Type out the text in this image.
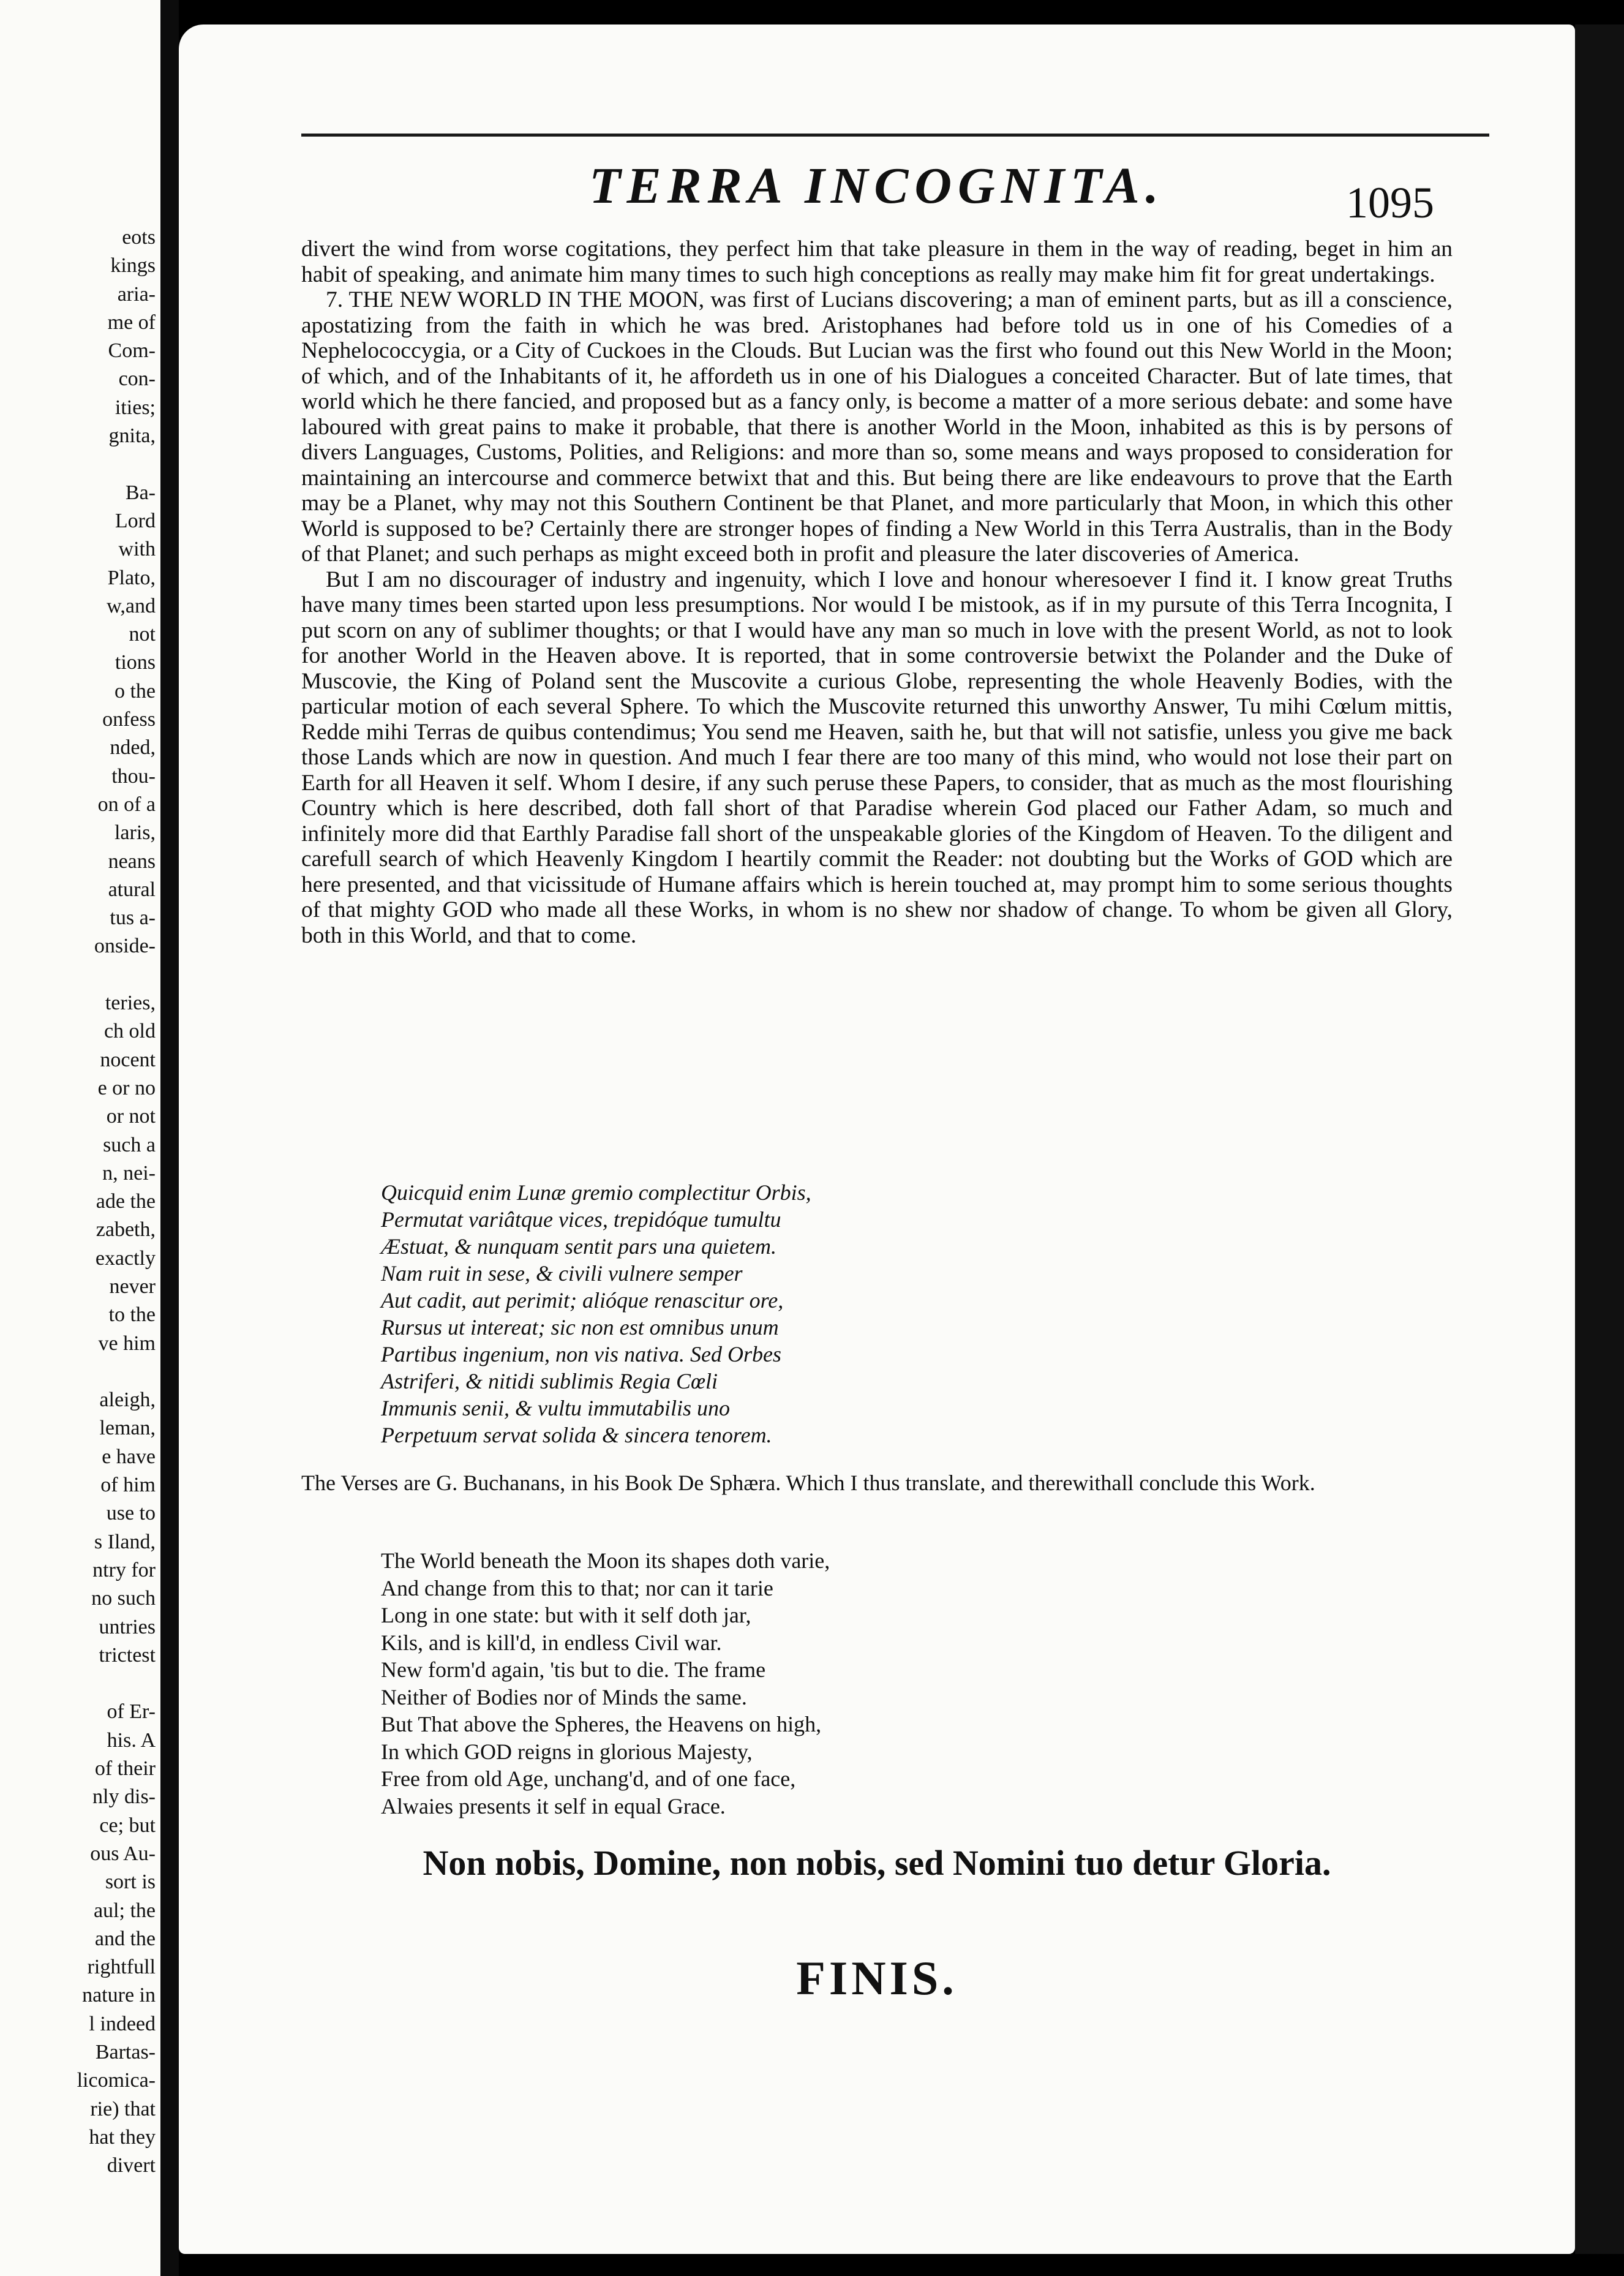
eots
kings
aria-
me of
Com-
con-
ities;
gnita,

Ba-
Lord
with
Plato,
w,and
not
tions
o the
onfess
nded,
thou-
on of a
laris,
neans
atural
tus a-
onside-

teries,
ch old
nocent
e or no
or not
such a
n, nei-
ade the
zabeth,
exactly
never
to the
ve him

aleigh,
leman,
e have
of him
use to
s Iland,
ntry for
no such
untries
trictest

of Er-
his. A
of their
nly dis-
ce; but
ous Au-
sort is
aul; the
and the
rightfull
nature in
l indeed
Bartas-
licomica-
rie) that
hat they
divert
TERRA INCOGNITA.	1095

divert the wind from worse cogitations, they perfect him that take pleasure in them in the way of reading, beget in him an habit of speaking, and animate him many times to such high conceptions as really may make him fit for great undertakings.

7. THE NEW WORLD IN THE MOON, was first of Lucians discovering; a man of eminent parts, but as ill a conscience, apostatizing from the faith in which he was bred. Aristophanes had before told us in one of his Comedies of a Nephelococcygia, or a City of Cuckoes in the Clouds. But Lucian was the first who found out this New World in the Moon; of which, and of the Inhabitants of it, he affordeth us in one of his Dialogues a conceited Character. But of late times, that world which he there fancied, and proposed but as a fancy only, is become a matter of a more serious debate: and some have laboured with great pains to make it probable, that there is another World in the Moon, inhabited as this is by persons of divers Languages, Customs, Polities, and Religions: and more than so, some means and ways proposed to consideration for maintaining an intercourse and commerce betwixt that and this. But being there are like endeavours to prove that the Earth may be a Planet, why may not this Southern Continent be that Planet, and more particularly that Moon, in which this other World is supposed to be? Certainly there are stronger hopes of finding a New World in this Terra Australis, than in the Body of that Planet; and such perhaps as might exceed both in profit and pleasure the later discoveries of America.

But I am no discourager of industry and ingenuity, which I love and honour wheresoever I find it. I know great Truths have many times been started upon less presumptions. Nor would I be mistook, as if in my pursute of this Terra Incognita, I put scorn on any of sublimer thoughts; or that I would have any man so much in love with the present World, as not to look for another World in the Heaven above. It is reported, that in some controversie betwixt the Polander and the Duke of Muscovie, the King of Poland sent the Muscovite a curious Globe, representing the whole Heavenly Bodies, with the particular motion of each several Sphere. To which the Muscovite returned this unworthy Answer, Tu mihi Cœlum mittis, Redde mihi Terras de quibus contendimus; You send me Heaven, saith he, but that will not satisfie, unless you give me back those Lands which are now in question. And much I fear there are too many of this mind, who would not lose their part on Earth for all Heaven it self. Whom I desire, if any such peruse these Papers, to consider, that as much as the most flourishing Country which is here described, doth fall short of that Paradise wherein God placed our Father Adam, so much and infinitely more did that Earthly Paradise fall short of the unspeakable glories of the Kingdom of Heaven. To the diligent and carefull search of which Heavenly Kingdom I heartily commit the Reader: not doubting but the Works of GOD which are here presented, and that vicissitude of Humane affairs which is herein touched at, may prompt him to some serious thoughts of that mighty GOD who made all these Works, in whom is no shew nor shadow of change. To whom be given all Glory, both in this World, and that to come.

Quicquid enim Lunæ gremio complectitur Orbis,
Permutat variâtque vices, trepidóque tumultu
Æstuat, & nunquam sentit pars una quietem.
Nam ruit in sese, & civili vulnere semper
Aut cadit, aut perimit; alióque renascitur ore,
Rursus ut intereat; sic non est omnibus unum
Partibus ingenium, non vis nativa. Sed Orbes
Astriferi, & nitidi sublimis Regia Cœli
Immunis senii, & vultu immutabilis uno
Perpetuum servat solida & sincera tenorem.
The Verses are G. Buchanans, in his Book De Sphæra. Which I thus translate, and therewithall conclude this Work.
The World beneath the Moon its shapes doth varie,
And change from this to that; nor can it tarie
Long in one state: but with it self doth jar,
Kils, and is kill'd, in endless Civil war.
New form'd again, 'tis but to die. The frame
Neither of Bodies nor of Minds the same.
But That above the Spheres, the Heavens on high,
In which GOD reigns in glorious Majesty,
Free from old Age, unchang'd, and of one face,
Alwaies presents it self in equal Grace.
Non nobis, Domine, non nobis, sed Nomini tuo detur Gloria.
FINIS.
